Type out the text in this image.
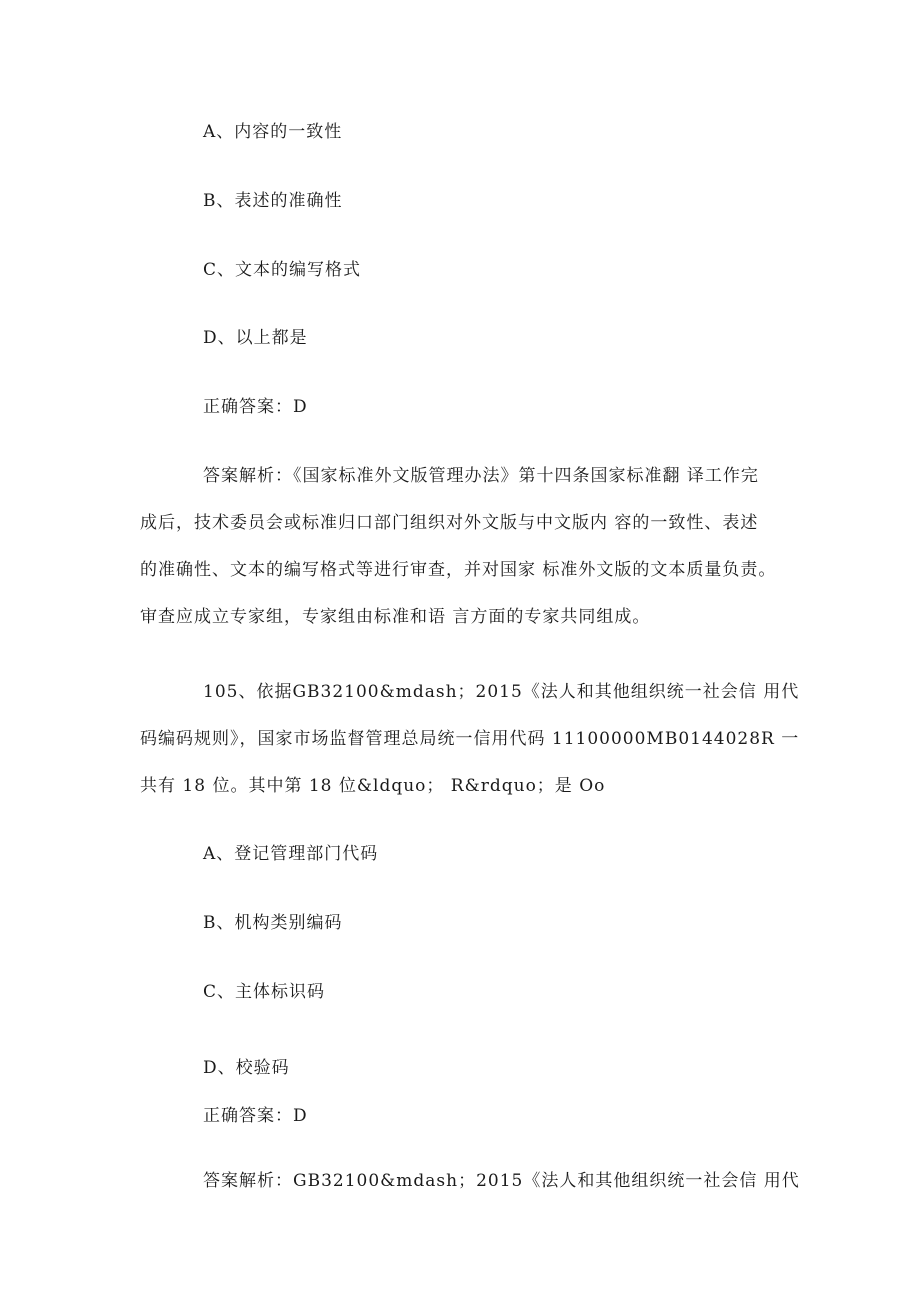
A、内容的一致性
B、表述的准确性
C、文本的编写格式
D、以上都是
正确答案：D
答案解析：《国家标准外文版管理办法》第十四条国家标准翻 译工作完
成后，技术委员会或标准归口部门组织对外文版与中文版内 容的一致性、表述
的准确性、文本的编写格式等进行审查，并对国家 标准外文版的文本质量负责。
审查应成立专家组，专家组由标准和语 言方面的专家共同组成。
105、依据GB32100&mdash；2015《法人和其他组织统一社会信 用代
码编码规则》，国家市场监督管理总局统一信用代码 11100000MB0144028R 一
共有 18 位。其中第 18 位&ldquo； R&rdquo；是 Oo
A、登记管理部门代码
B、机构类别编码
C、主体标识码
D、校验码
正确答案：D
答案解析：GB32100&mdash；2015《法人和其他组织统一社会信 用代
